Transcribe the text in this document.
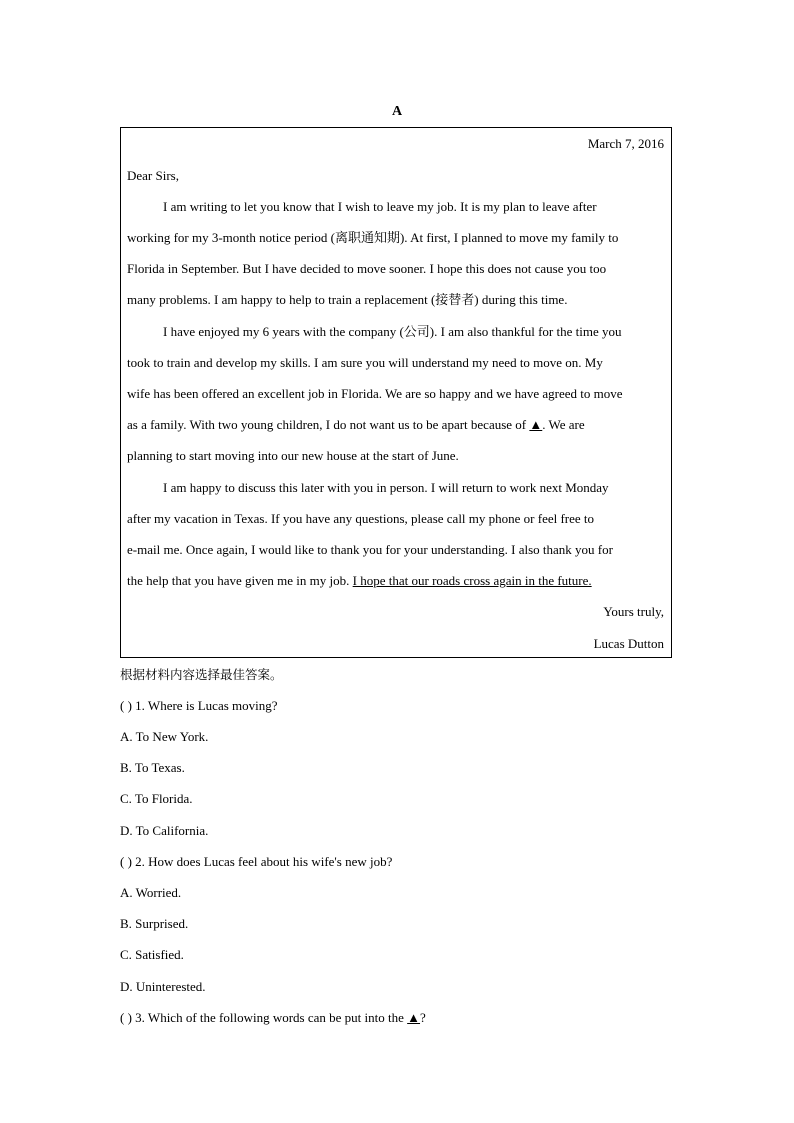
A
March 7, 2016
Dear Sirs,
I am writing to let you know that I wish to leave my job. It is my plan to leave after
working for my 3-month notice period (离职通知期). At first, I planned to move my family to
Florida in September. But I have decided to move sooner. I hope this does not cause you too
many problems. I am happy to help to train a replacement (接替者) during this time.
I have enjoyed my 6 years with the company (公司). I am also thankful for the time you
took to train and develop my skills. I am sure you will understand my need to move on. My
wife has been offered an excellent job in Florida. We are so happy and we have agreed to move
as a family. With two young children, I do not want us to be apart because of ▲. We are
planning to start moving into our new house at the start of June.
I am happy to discuss this later with you in person. I will return to work next Monday
after my vacation in Texas. If you have any questions, please call my phone or feel free to
e-mail me. Once again, I would like to thank you for your understanding. I also thank you for
the help that you have given me in my job. I hope that our roads cross again in the future.
Yours truly,
Lucas Dutton
根据材料内容选择最佳答案。
( ) 1. Where is Lucas moving?
A. To New York.
B. To Texas.
C. To Florida.
D. To California.
( ) 2. How does Lucas feel about his wife's new job?
A. Worried.
B. Surprised.
C. Satisfied.
D. Uninterested.
( ) 3. Which of the following words can be put into the ▲?
